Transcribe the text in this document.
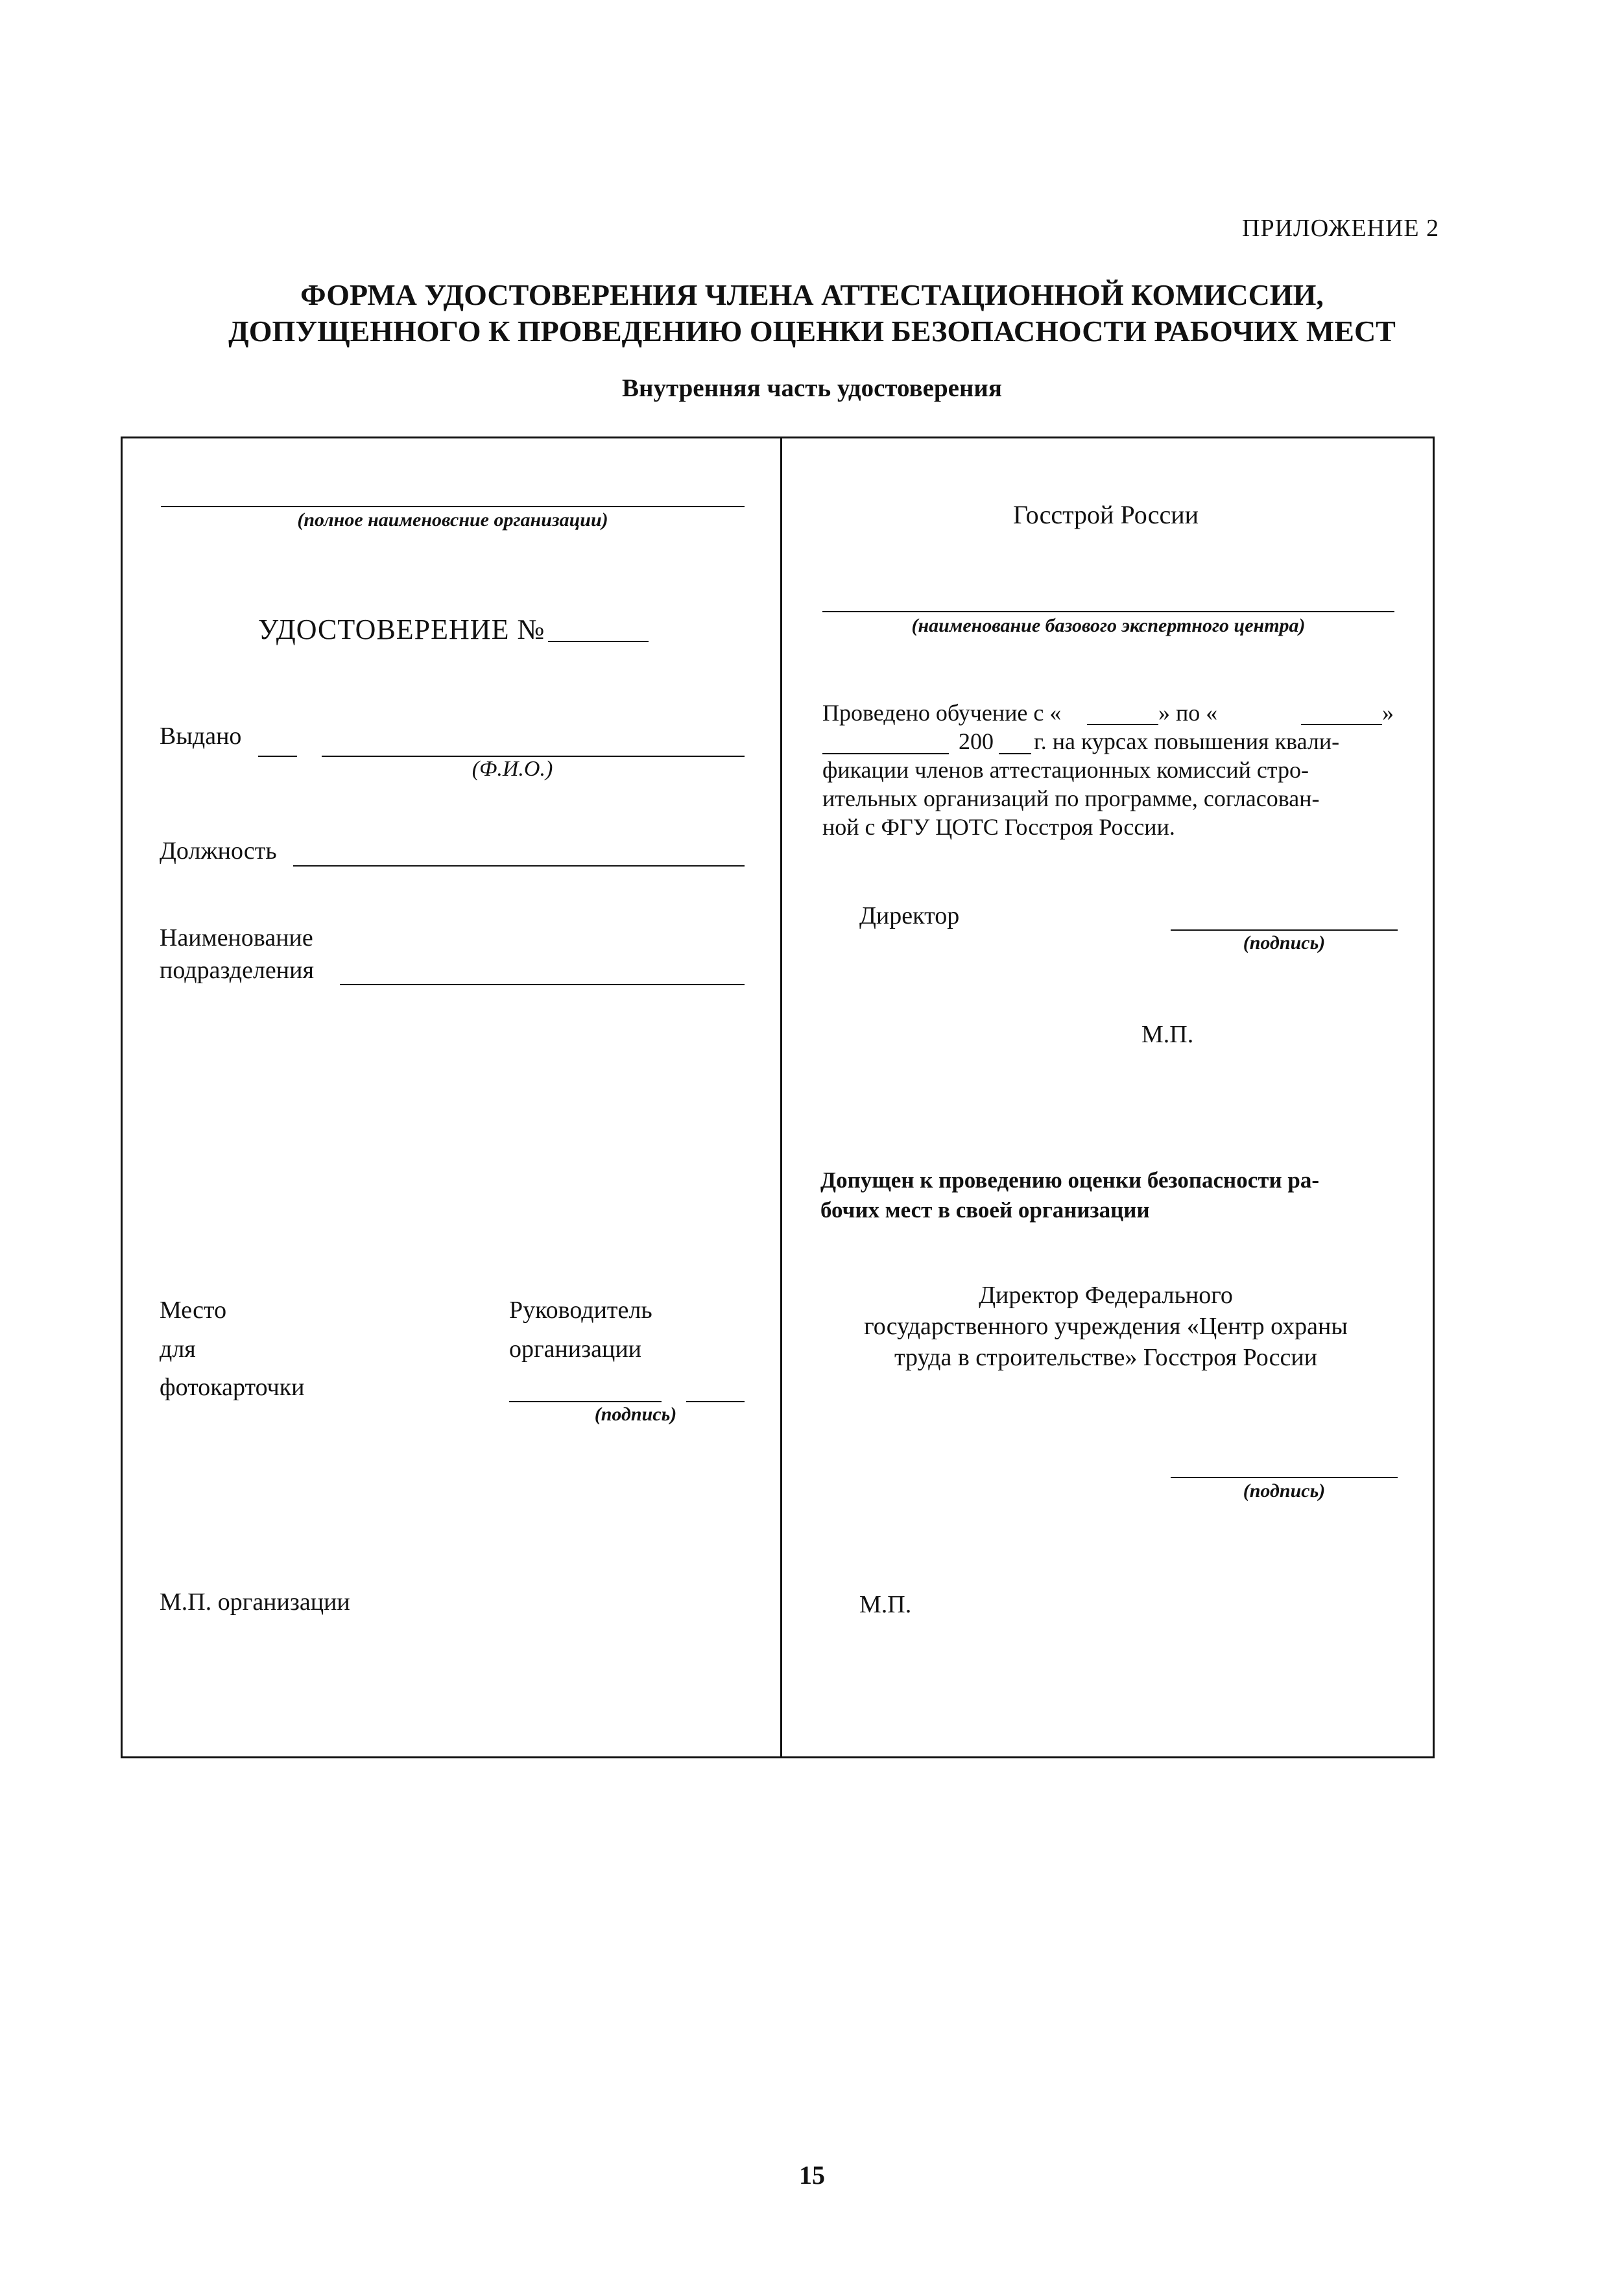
ПРИЛОЖЕНИЕ 2
ФОРМА УДОСТОВЕРЕНИЯ ЧЛЕНА АТТЕСТАЦИОННОЙ КОМИССИИ,
ДОПУЩЕННОГО К ПРОВЕДЕНИЮ ОЦЕНКИ БЕЗОПАСНОСТИ РАБОЧИХ МЕСТ
Внутренняя часть удостоверения
(полное наименовсние организации)
УДОСТОВЕРЕНИЕ №
Выдано
(Ф.И.О.)
Должность
Наименование
подразделения
Место
для
фотокарточки
Руководитель
организации
(подпись)
М.П. организации
Госстрой России
(наименование базового экспертного центра)
Проведено обучение с «	» по «	»
200 г. на курсах повышения квали-
фикации членов аттестационных комиссий стро-
ительных организаций по программе, согласован-
ной с ФГУ ЦОТС Госстроя России.
Директор
(подпись)
М.П.
Допущен к проведению оценки безопасности ра-
бочих мест в своей организации
Директор Федерального
государственного учреждения «Центр охраны
труда в строительстве» Госстроя России
(подпись)
М.П.
15
